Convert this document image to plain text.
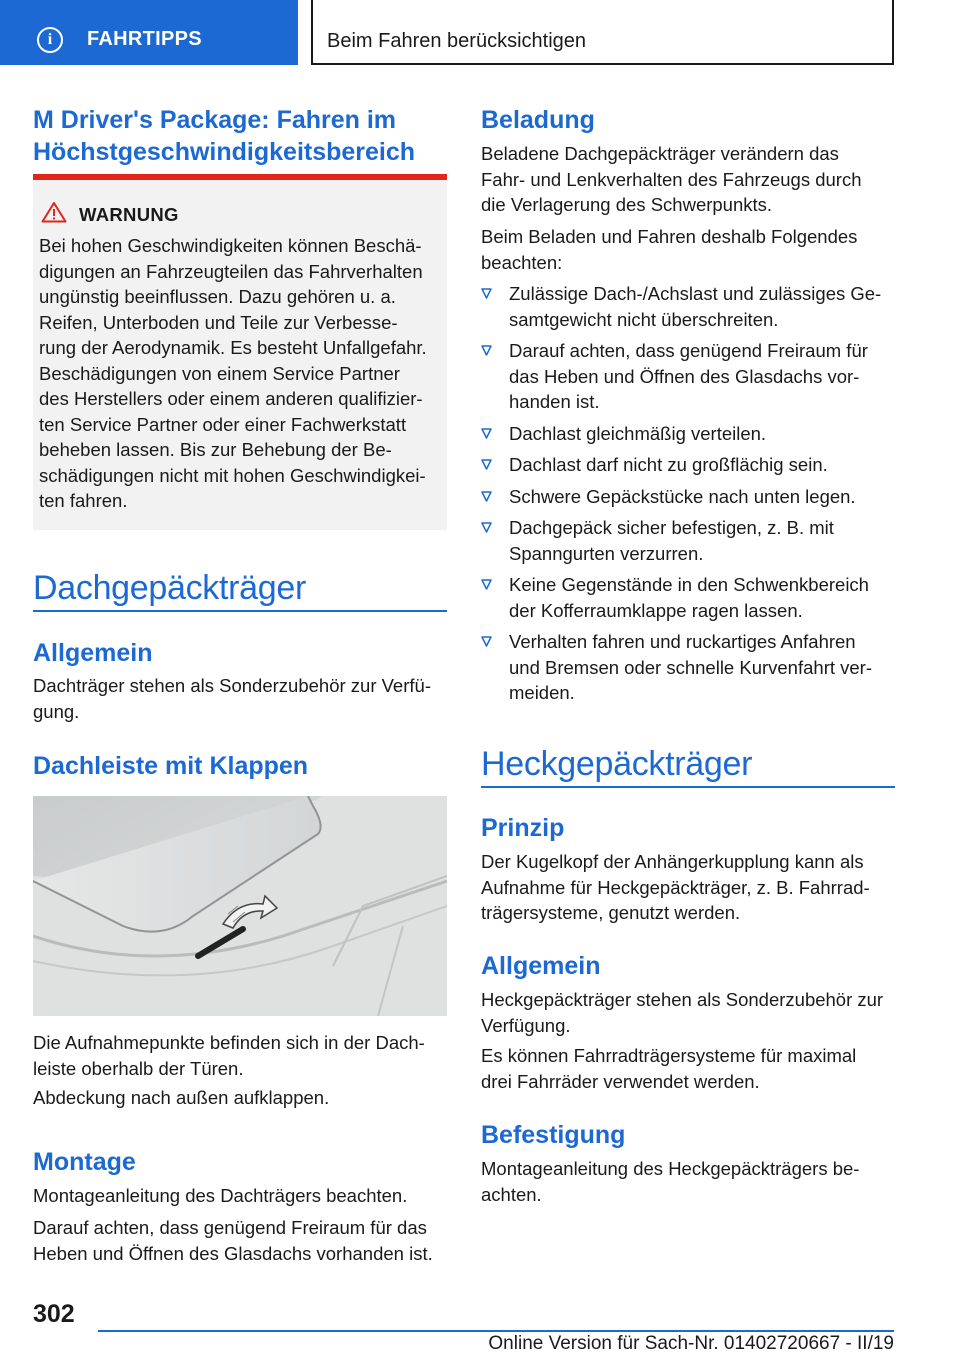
i	FAHRTIPPS	Beim Fahren berücksichtigen
M Driver's Package: Fahren im
Höchstgeschwindigkeitsbereich
WARNUNG
Bei hohen Geschwindigkeiten können Beschä-
digungen an Fahrzeugteilen das Fahrverhalten
ungünstig beeinflussen. Dazu gehören u. a.
Reifen, Unterboden und Teile zur Verbesse-
rung der Aerodynamik. Es besteht Unfallgefahr.
Beschädigungen von einem Service Partner
des Herstellers oder einem anderen qualifizier-
ten Service Partner oder einer Fachwerkstatt
beheben lassen. Bis zur Behebung der Be-
schädigungen nicht mit hohen Geschwindigkei-
ten fahren.
Dachgepäckträger
Allgemein
Dachträger stehen als Sonderzubehör zur Verfü-
gung.
Dachleiste mit Klappen
Die Aufnahmepunkte befinden sich in der Dach-
leiste oberhalb der Türen.
Abdeckung nach außen aufklappen.
Montage
Montageanleitung des Dachträgers beachten.
Darauf achten, dass genügend Freiraum für das
Heben und Öffnen des Glasdachs vorhanden ist.
Beladung
Beladene Dachgepäckträger verändern das
Fahr- und Lenkverhalten des Fahrzeugs durch
die Verlagerung des Schwerpunkts.
Beim Beladen und Fahren deshalb Folgendes
beachten:
Zulässige Dach-/Achslast und zulässiges Ge-
samtgewicht nicht überschreiten.
Darauf achten, dass genügend Freiraum für
das Heben und Öffnen des Glasdachs vor-
handen ist.
Dachlast gleichmäßig verteilen.
Dachlast darf nicht zu großflächig sein.
Schwere Gepäckstücke nach unten legen.
Dachgepäck sicher befestigen, z. B. mit
Spanngurten verzurren.
Keine Gegenstände in den Schwenkbereich
der Kofferraumklappe ragen lassen.
Verhalten fahren und ruckartiges Anfahren
und Bremsen oder schnelle Kurvenfahrt ver-
meiden.
Heckgepäckträger
Prinzip
Der Kugelkopf der Anhängerkupplung kann als
Aufnahme für Heckgepäckträger, z. B. Fahrrad-
trägersysteme, genutzt werden.
Allgemein
Heckgepäckträger stehen als Sonderzubehör zur
Verfügung.
Es können Fahrradträgersysteme für maximal
drei Fahrräder verwendet werden.
Befestigung
Montageanleitung des Heckgepäckträgers be-
achten.
302
Online Version für Sach-Nr. 01402720667 - II/19
